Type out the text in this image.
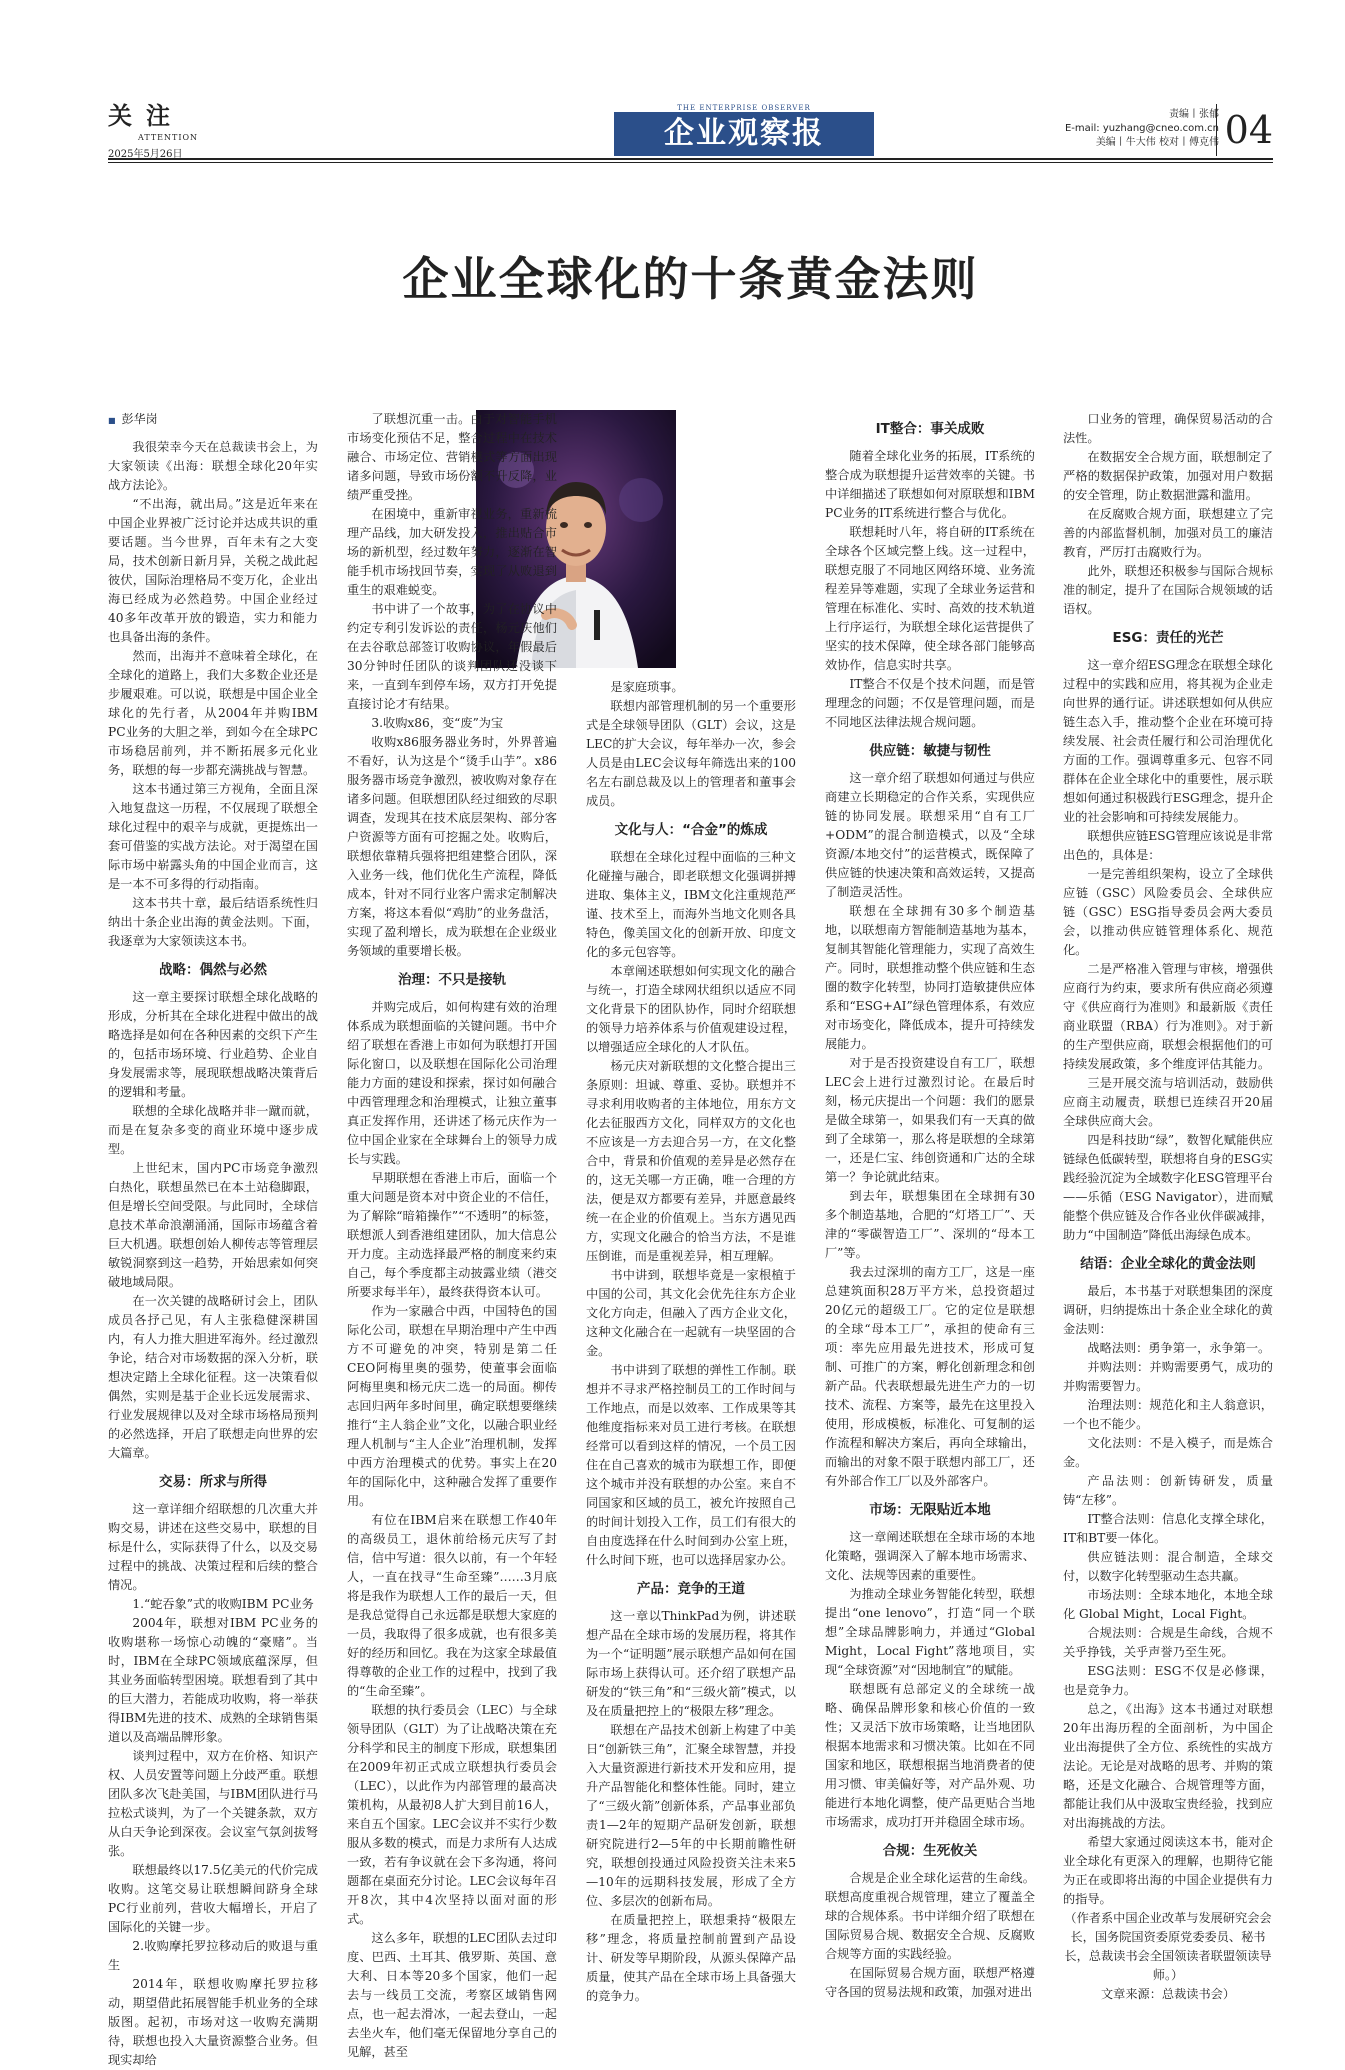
关注
ATTENTION
2025年5月26日
THE ENTERPRISE OBSERVER
企业观察报
责编丨张郁
E-mail: yuzhang@cneo.com.cn
美编丨牛大伟 校对丨傅克伟 04
企业全球化的十条黄金法则
■ 彭华岗

我很荣幸今天在总裁读书会上，为大家领读《出海：联想全球化20年实战方法论》。

“不出海，就出局。”这是近年来在中国企业界被广泛讨论并达成共识的重要话题。当今世界，百年未有之大变局，技术创新日新月异，关税之战此起彼伏，国际治理格局不变万化，企业出海已经成为必然趋势。中国企业经过40多年改革开放的锻造，实力和能力也具备出海的条件。

然而，出海并不意味着全球化，在全球化的道路上，我们大多数企业还是步履艰难。可以说，联想是中国企业全球化的先行者，从2004年并购IBM PC业务的大胆之举，到如今在全球PC市场稳居前列，并不断拓展多元化业务，联想的每一步都充满挑战与智慧。

这本书通过第三方视角，全面且深入地复盘这一历程，不仅展现了联想全球化过程中的艰辛与成就，更提炼出一套可借鉴的实战方法论。对于渴望在国际市场中崭露头角的中国企业而言，这是一本不可多得的行动指南。

这本书共十章，最后结语系统性归纳出十条企业出海的黄金法则。下面，我逐章为大家领读这本书。

战略：偶然与必然

这一章主要探讨联想全球化战略的形成，分析其在全球化进程中做出的战略选择是如何在各种因素的交织下产生的，包括市场环境、行业趋势、企业自身发展需求等，展现联想战略决策背后的逻辑和考量。

联想的全球化战略并非一蹴而就，而是在复杂多变的商业环境中逐步成型。

上世纪末，国内PC市场竞争激烈白热化，联想虽然已在本土站稳脚跟，但是增长空间受限。与此同时，全球信息技术革命浪潮涌涌，国际市场蕴含着巨大机遇。联想创始人柳传志等管理层敏锐洞察到这一趋势，开始思索如何突破地域局限。

在一次关键的战略研讨会上，团队成员各抒己见，有人主张稳健深耕国内，有人力推大胆进军海外。经过激烈争论，结合对市场数据的深入分析，联想决定踏上全球化征程。这一决策看似偶然，实则是基于企业长远发展需求、行业发展规律以及对全球市场格局预判的必然选择，开启了联想走向世界的宏大篇章。

交易：所求与所得

这一章详细介绍联想的几次重大并购交易，讲述在这些交易中，联想的目标是什么，实际获得了什么，以及交易过程中的挑战、决策过程和后续的整合情况。

1.“蛇吞象”式的收购IBM PC业务

2004年，联想对IBM PC业务的收购堪称一场惊心动魄的“豪赌”。当时，IBM在全球PC领域底蕴深厚，但其业务面临转型困境。联想看到了其中的巨大潜力，若能成功收购，将一举获得IBM先进的技术、成熟的全球销售渠道以及高端品牌形象。

谈判过程中，双方在价格、知识产权、人员安置等问题上分歧严重。联想团队多次飞赴美国，与IBM团队进行马拉松式谈判，为了一个关键条款，双方从白天争论到深夜。会议室气氛剑拔弩张。

联想最终以17.5亿美元的代价完成收购。这笔交易让联想瞬间跻身全球PC行业前列，营收大幅增长，开启了国际化的关键一步。

2.收购摩托罗拉移动后的败退与重生

2014年，联想收购摩托罗拉移动，期望借此拓展智能手机业务的全球版图。起初，市场对这一收购充满期待，联想也投入大量资源整合业务。但现实却给

了联想沉重一击。由于对智能手机市场变化预估不足，整合过程中在技术融合、市场定位、营销模式等方面出现诸多问题，导致市场份额不升反降，业绩严重受挫。

在困境中，重新审视业务，重新梳理产品线，加大研发投入，推出贴合市场的新机型，经过数年努力，逐渐在智能手机市场找回节奏，实现了从败退到重生的艰难蜕变。

书中讲了一个故事，为了在协议中约定专利引发诉讼的责任，杨元庆他们在去谷歌总部签订收购协议，年假最后30分钟时任团队的谈判团队还没谈下来，一直到车到停车场，双方打开免提直接讨论才有结果。

3.收购x86，变“废”为宝

收购x86服务器业务时，外界普遍不看好，认为这是个“烫手山芋”。x86服务器市场竞争激烈，被收购对象存在诸多问题。但联想团队经过细致的尽职调查，发现其在技术底层架构、部分客户资源等方面有可挖掘之处。收购后，联想依靠精兵强将把组建整合团队，深入业务一线，他们优化生产流程，降低成本，针对不同行业客户需求定制解决方案，将这本看似“鸡肋”的业务盘活，实现了盈利增长，成为联想在企业级业务领域的重要增长极。

治理：不只是接轨

并购完成后，如何构建有效的治理体系成为联想面临的关键问题。书中介绍了联想在香港上市如何为联想打开国际化窗口，以及联想在国际化公司治理能力方面的建设和探索，探讨如何融合中西管理理念和治理模式，让独立董事真正发挥作用，还讲述了杨元庆作为一位中国企业家在全球舞台上的领导力成长与实践。

早期联想在香港上市后，面临一个重大问题是资本对中资企业的不信任，为了解除“暗箱操作”“不透明”的标签，联想派人到香港组建团队，加大信息公开力度。主动选择最严格的制度来约束自己，每个季度都主动披露业绩（港交所要求每半年），最终获得资本认可。

作为一家融合中西，中国特色的国际化公司，联想在早期治理中产生中西方不可避免的冲突，特别是第二任CEO阿梅里奥的强势，使董事会面临阿梅里奥和杨元庆二选一的局面。柳传志回归两年多时间里，确定联想要继续推行“主人翁企业”文化，以融合职业经理人机制与“主人企业”治理机制，发挥中西方治理模式的优势。事实上在20年的国际化中，这种融合发挥了重要作用。

有位在IBM启来在联想工作40年的高级员工，退休前给杨元庆写了封信，信中写道：很久以前，有一个年轻人，一直在找寻“生命至臻”……3月底将是我作为联想人工作的最后一天，但是我总觉得自己永远都是联想大家庭的一员，我取得了很多成就，也有很多美好的经历和回忆。我在为这家全球最值得尊敬的企业工作的过程中，找到了我的“生命至臻”。

联想的执行委员会（LEC）与全球领导团队（GLT）为了让战略决策在充分科学和民主的制度下形成，联想集团在2009年初正式成立联想执行委员会（LEC），以此作为内部管理的最高决策机构，从最初8人扩大到目前16人，来自五个国家。LEC会议并不实行少数服从多数的模式，而是力求所有人达成一致，若有争议就在会下多沟通，将问题都在桌面充分讨论。LEC会议每年召开8次，其中4次坚持以面对面的形式。

这么多年，联想的LEC团队去过印度、巴西、土耳其、俄罗斯、英国、意大利、日本等20多个国家，他们一起去与一线员工交流，考察区域销售网点，也一起去滑冰，一起去登山，一起去坐火车，他们毫无保留地分享自己的见解，甚至

是家庭琐事。

联想内部管理机制的另一个重要形式是全球领导团队（GLT）会议，这是LEC的扩大会议，每年举办一次，参会人员是由LEC会议每年筛选出来的100名左右副总裁及以上的管理者和董事会成员。

文化与人：“合金”的炼成

联想在全球化过程中面临的三种文化碰撞与融合，即老联想文化强调拼搏进取、集体主义，IBM文化注重规范严谨、技术至上，而海外当地文化则各具特色，像美国文化的创新开放、印度文化的多元包容等。

本章阐述联想如何实现文化的融合与统一，打造全球网状组织以适应不同文化背景下的团队协作，同时介绍联想的领导力培养体系与价值观建设过程，以增强适应全球化的人才队伍。

杨元庆对新联想的文化整合提出三条原则：坦诚、尊重、妥协。联想并不寻求利用收购者的主体地位，用东方文化去征服西方文化，同样双方的文化也不应该是一方去迎合另一方，在文化整合中，背景和价值观的差异是必然存在的，这无关哪一方正确，唯一合理的方法，便是双方都要有差异，并愿意最终统一在企业的价值观上。当东方遇见西方，实现文化融合的恰当方法，不是谁压倒谁，而是重视差异，相互理解。

书中讲到，联想毕竟是一家根植于中国的公司，其文化会优先往东方企业文化方向走，但融入了西方企业文化，这种文化融合在一起就有一块坚固的合金。

书中讲到了联想的弹性工作制。联想并不寻求严格控制员工的工作时间与工作地点，而是以效率、工作成果等其他维度指标来对员工进行考核。在联想经常可以看到这样的情况，一个员工因住在自己喜欢的城市为联想工作，即便这个城市并没有联想的办公室。来自不同国家和区域的员工，被允许按照自己的时间计划投入工作，员工们有很大的自由度选择在什么时间到办公室上班，什么时间下班，也可以选择居家办公。

产品：竞争的王道

这一章以ThinkPad为例，讲述联想产品在全球市场的发展历程，将其作为一个“证明题”展示联想产品如何在国际市场上获得认可。还介绍了联想产品研发的“铁三角”和“三级火箭”模式，以及在质量把控上的“极限左移”理念。

联想在产品技术创新上构建了中美日“创新铁三角”，汇聚全球智慧，并投入大量资源进行新技术开发和应用，提升产品智能化和整体性能。同时，建立了“三级火箭”创新体系，产品事业部负责1—2年的短期产品研发创新，联想研究院进行2—5年的中长期前瞻性研究，联想创投通过风险投资关注未来5—10年的远期科技发展，形成了全方位、多层次的创新布局。

在质量把控上，联想秉持“极限左移”理念，将质量控制前置到产品设计、研发等早期阶段，从源头保障产品质量，使其产品在全球市场上具备强大的竞争力。

IT整合：事关成败

随着全球化业务的拓展，IT系统的整合成为联想提升运营效率的关键。书中详细描述了联想如何对原联想和IBM PC业务的IT系统进行整合与优化。

联想耗时八年，将自研的IT系统在全球各个区域完整上线。这一过程中，联想克服了不同地区网络环境、业务流程差异等难题，实现了全球业务运营和管理在标准化、实时、高效的技术轨道上行序运行，为联想全球化运营提供了坚实的技术保障，使全球各部门能够高效协作，信息实时共享。

IT整合不仅是个技术问题，而是管理理念的问题；不仅是管理问题，而是不同地区法律法规合规问题。

供应链：敏捷与韧性

这一章介绍了联想如何通过与供应商建立长期稳定的合作关系，实现供应链的协同发展。联想采用“自有工厂+ODM”的混合制造模式，以及“全球资源/本地交付”的运营模式，既保障了供应链的快速决策和高效运转，又提高了制造灵活性。

联想在全球拥有30多个制造基地，以联想南方智能制造基地为基本，复制其智能化管理能力，实现了高效生产。同时，联想推动整个供应链和生态圈的数字化转型，协同打造敏捷供应体系和“ESG+AI”绿色管理体系，有效应对市场变化，降低成本，提升可持续发展能力。

对于是否投资建设自有工厂，联想LEC会上进行过激烈讨论。在最后时刻，杨元庆提出一个问题：我们的愿景是做全球第一，如果我们有一天真的做到了全球第一，那么将是联想的全球第一，还是仁宝、纬创资通和广达的全球第一？争论就此结束。

到去年，联想集团在全球拥有30多个制造基地，合肥的“灯塔工厂”、天津的“零碳智造工厂”、深圳的“母本工厂”等。

我去过深圳的南方工厂，这是一座总建筑面积28万平方米，总投资超过20亿元的超级工厂。它的定位是联想的全球“母本工厂”，承担的使命有三项：率先应用最先进技术，形成可复制、可推广的方案，孵化创新理念和创新产品。代表联想最先进生产力的一切技术、流程、方案等，最先在这里投入使用，形成模板，标准化、可复制的运作流程和解决方案后，再向全球输出，而输出的对象不限于联想内部工厂，还有外部合作工厂以及外部客户。

市场：无限贴近本地

这一章阐述联想在全球市场的本地化策略，强调深入了解本地市场需求、文化、法规等因素的重要性。

为推动全球业务智能化转型，联想提出“one lenovo”，打造“同一个联想”全球品牌影响力，并通过“Global Might，Local Fight”落地项目，实现“全球资源”对“因地制宜”的赋能。

联想既有总部定义的全球统一战略、确保品牌形象和核心价值的一致性；又灵活下放市场策略，让当地团队根据本地需求和习惯决策。比如在不同国家和地区，联想根据当地消费者的使用习惯、审美偏好等，对产品外观、功能进行本地化调整，使产品更贴合当地市场需求，成功打开并稳固全球市场。

合规：生死攸关

合规是企业全球化运营的生命线。联想高度重视合规管理，建立了覆盖全球的合规体系。书中详细介绍了联想在国际贸易合规、数据安全合规、反腐败合规等方面的实践经验。

在国际贸易合规方面，联想严格遵守各国的贸易法规和政策，加强对进出

口业务的管理，确保贸易活动的合法性。

在数据安全合规方面，联想制定了严格的数据保护政策，加强对用户数据的安全管理，防止数据泄露和滥用。

在反腐败合规方面，联想建立了完善的内部监督机制，加强对员工的廉洁教育，严厉打击腐败行为。

此外，联想还积极参与国际合规标准的制定，提升了在国际合规领域的话语权。

ESG：责任的光芒

这一章介绍ESG理念在联想全球化过程中的实践和应用，将其视为企业走向世界的通行证。讲述联想如何从供应链生态入手，推动整个企业在环境可持续发展、社会责任履行和公司治理优化方面的工作。强调尊重多元、包容不同群体在企业全球化中的重要性，展示联想如何通过积极践行ESG理念，提升企业的社会影响和可持续发展能力。

联想供应链ESG管理应该说是非常出色的，具体是：

一是完善组织架构，设立了全球供应链（GSC）风险委员会、全球供应链（GSC）ESG指导委员会两大委员会，以推动供应链管理体系化、规范化。

二是严格准入管理与审核，增强供应商行为约束，要求所有供应商必须遵守《供应商行为准则》和最新版《责任商业联盟（RBA）行为准则》。对于新的生产型供应商，联想会根据他们的可持续发展政策，多个维度评估其能力。

三是开展交流与培训活动，鼓励供应商主动履责，联想已连续召开20届全球供应商大会。

四是科技助“绿”，数智化赋能供应链绿色低碳转型，联想将自身的ESG实践经验沉淀为全域数字化ESG管理平台——乐循（ESG Navigator），进而赋能整个供应链及合作各业伙伴碳减排，助力“中国制造”降低出海绿色成本。

结语：企业全球化的黄金法则

最后，本书基于对联想集团的深度调研，归纳提炼出十条企业全球化的黄金法则：

战略法则：勇争第一，永争第一。

并购法则：并购需要勇气，成功的并购需要智力。

治理法则：规范化和主人翁意识，一个也不能少。

文化法则：不是入模子，而是炼合金。

产品法则：创新铸研发，质量铸“左移”。

IT整合法则：信息化支撑全球化，IT和BT要一体化。

供应链法则：混合制造，全球交付，以数字化转型驱动生态共赢。

市场法则：全球本地化，本地全球化 Global Might，Local Fight。

合规法则：合规是生命线，合规不关乎挣钱，关乎声誉乃至生死。

ESG法则：ESG不仅是必修课，也是竞争力。

总之，《出海》这本书通过对联想20年出海历程的全面剖析，为中国企业出海提供了全方位、系统性的实战方法论。无论是对战略的思考、并购的策略，还是文化融合、合规管理等方面，都能让我们从中汲取宝贵经验，找到应对出海挑战的方法。

希望大家通过阅读这本书，能对企业全球化有更深入的理解，也期待它能为正在或即将出海的中国企业提供有力的指导。

（作者系中国企业改革与发展研究会会长，国务院国资委原党委委员、秘书长，总裁读书会全国领读者联盟领读导师。）

文章来源：总裁读书会）
